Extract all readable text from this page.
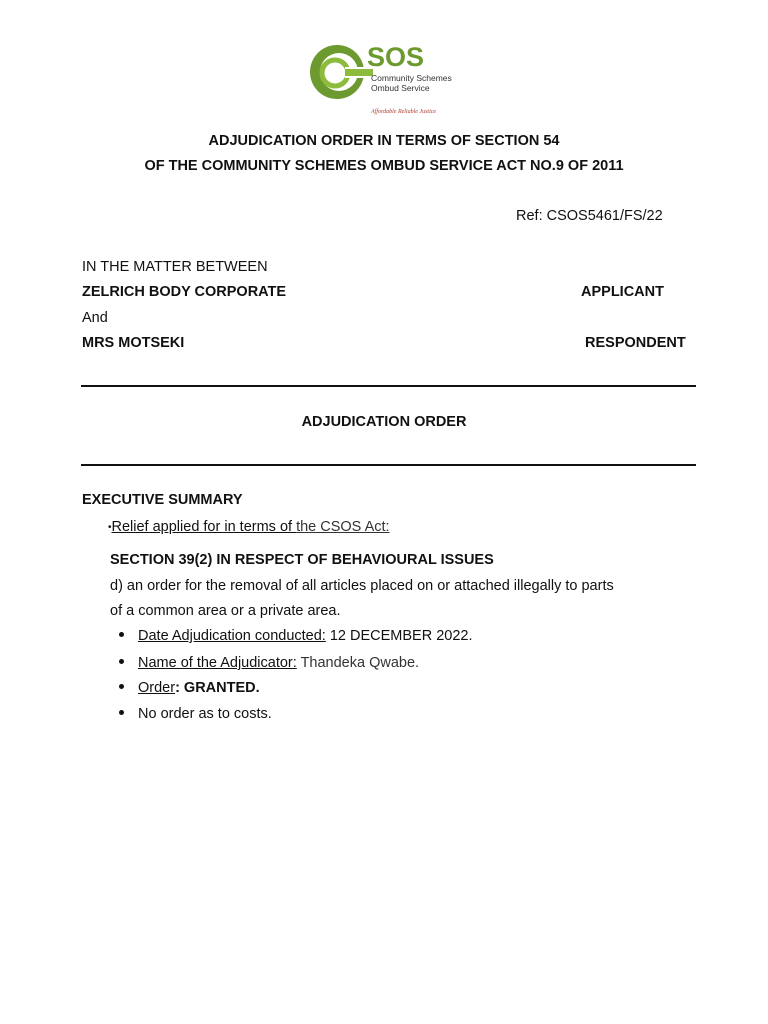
SOS
Community Schemes
Ombud Service
Affordable Reliable Justice
ADJUDICATION ORDER IN TERMS OF SECTION 54
OF THE COMMUNITY SCHEMES OMBUD SERVICE ACT NO.9 OF 2011
Ref: CSOS5461/FS/22
IN THE MATTER BETWEEN
ZELRICH BODY CORPORATE	APPLICANT
And
MRS MOTSEKI	RESPONDENT
ADJUDICATION ORDER
EXECUTIVE SUMMARY
•Relief applied for in terms of the CSOS Act:
SECTION 39(2) IN RESPECT OF BEHAVIOURAL ISSUES
d) an order for the removal of all articles placed on or attached illegally to parts
of a common area or a private area.
Date Adjudication conducted: 12 DECEMBER 2022.
Name of the Adjudicator: Thandeka Qwabe.
Order: GRANTED.
No order as to costs.
